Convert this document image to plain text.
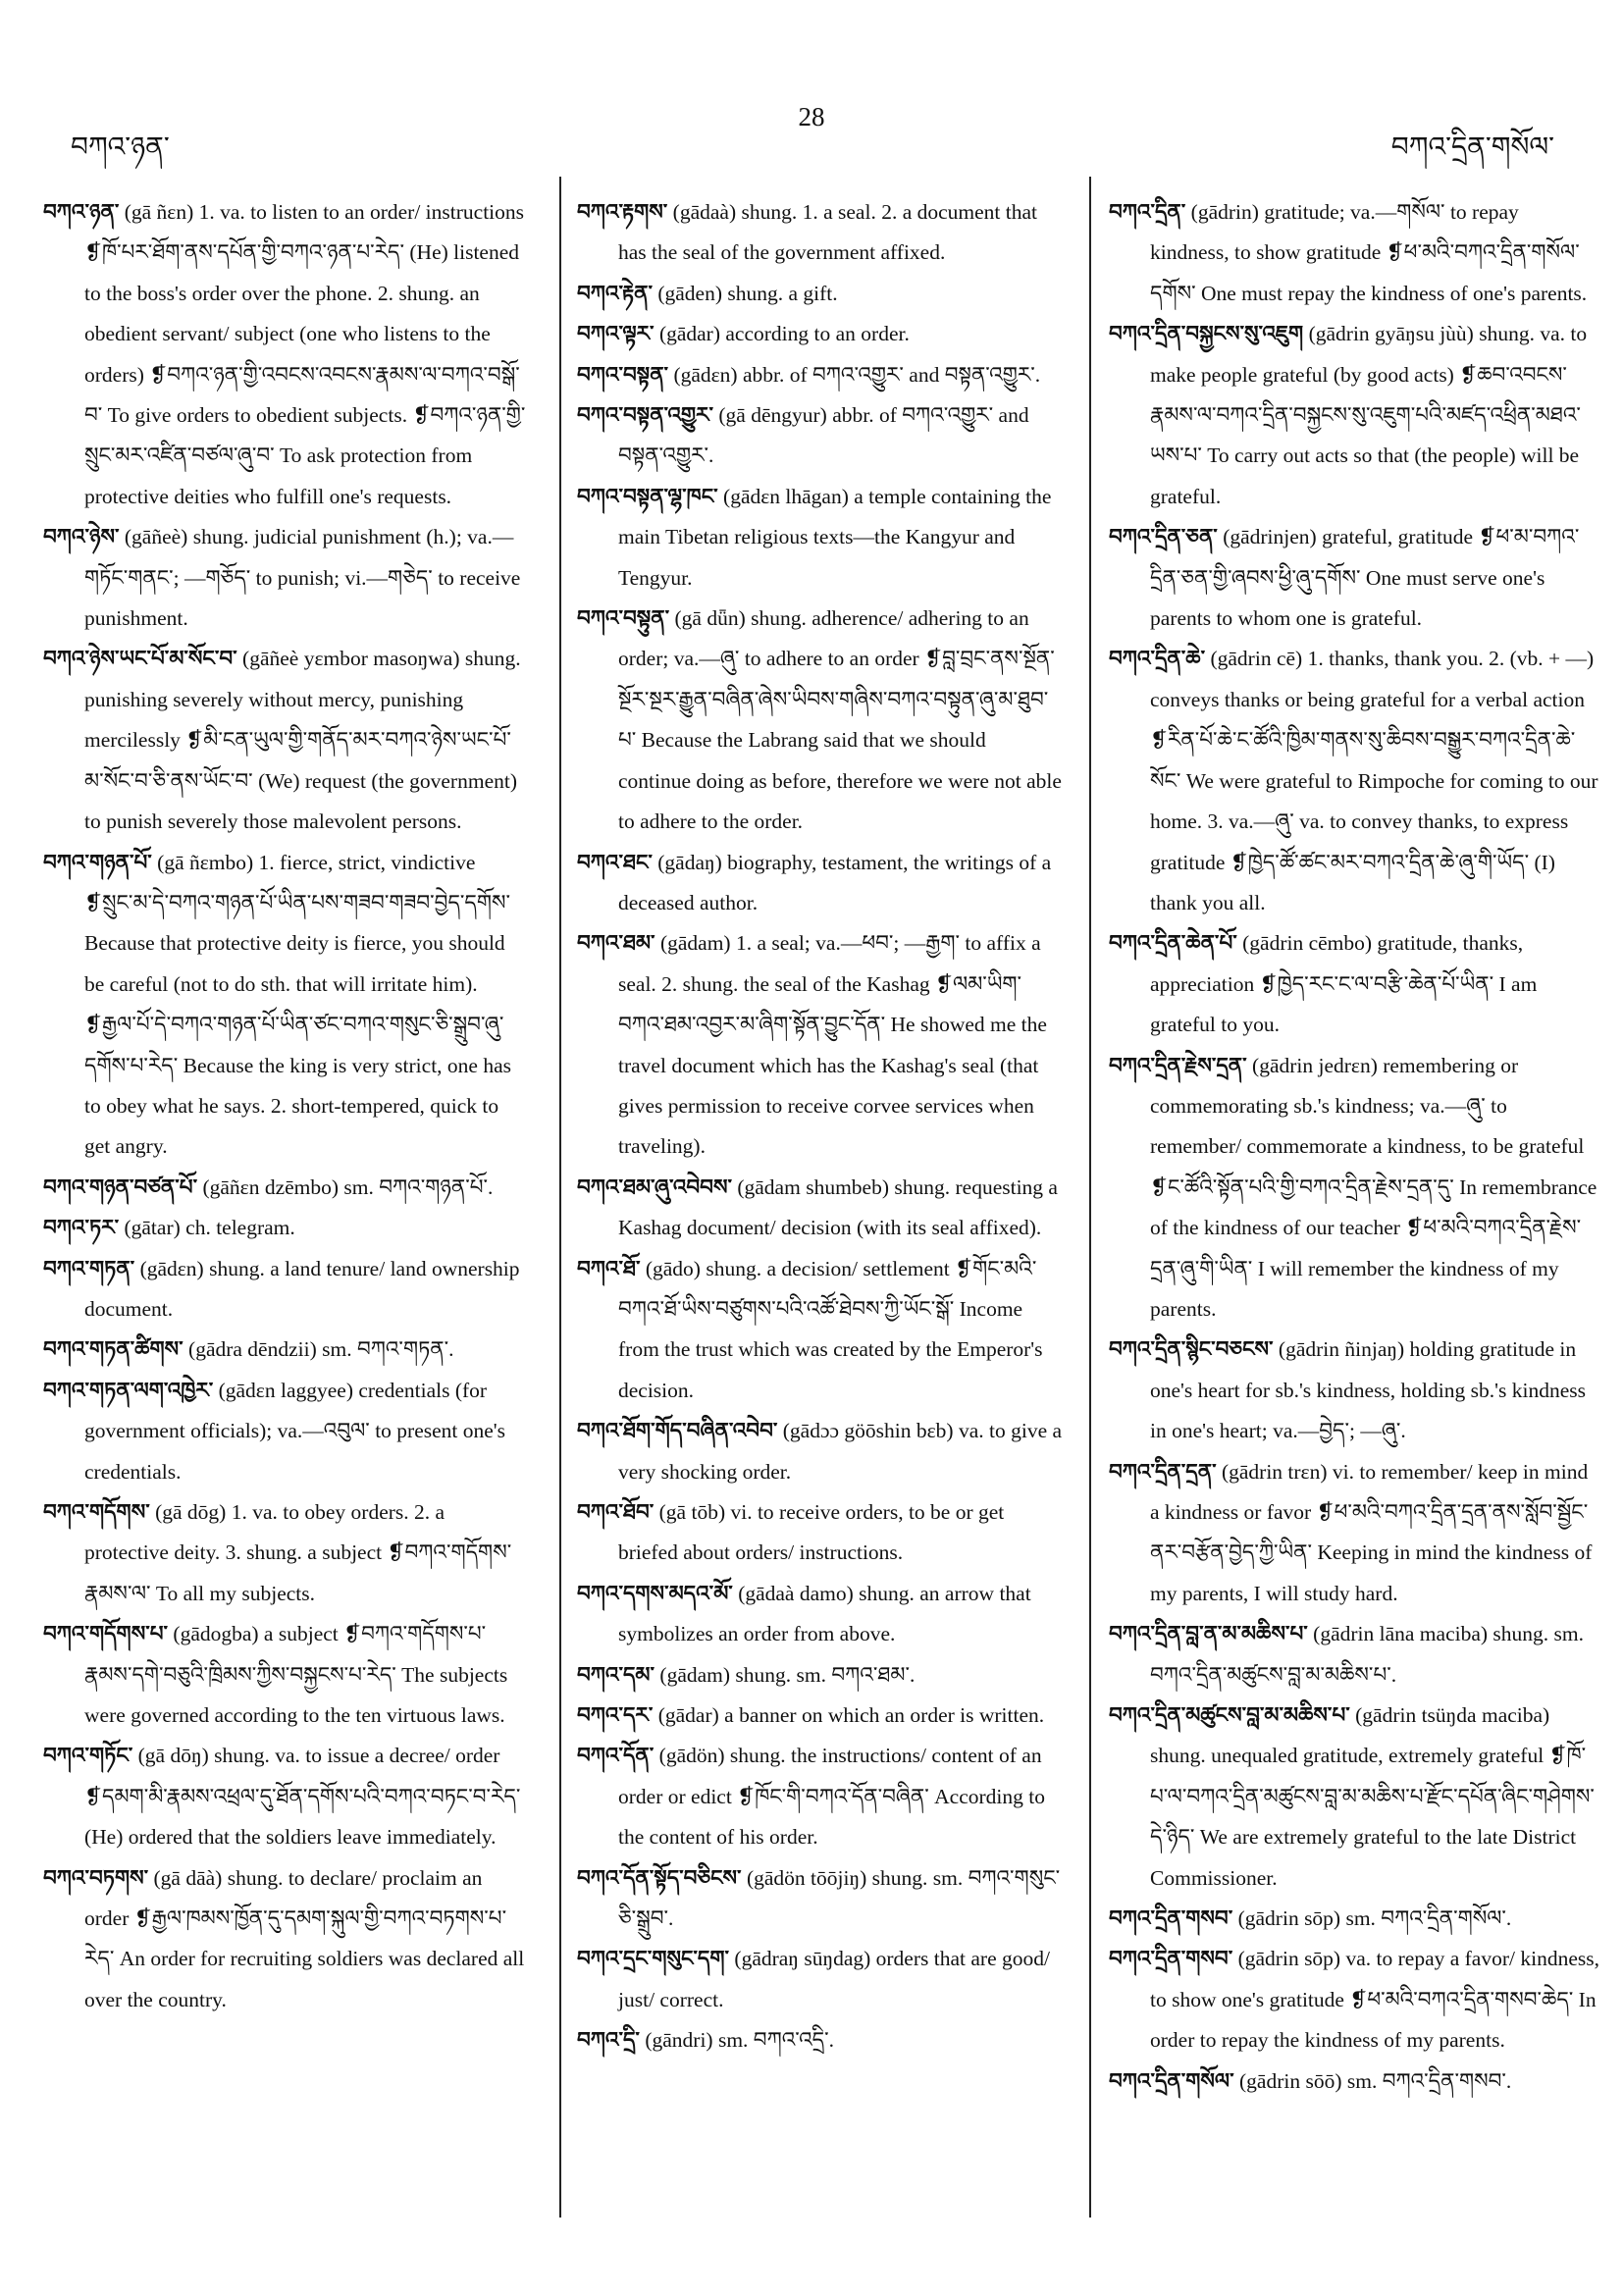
བཀའ་ཉན་
28
བཀའ་དྲིན་གསོལ་

བཀའ་ཉན་ (gā ñɛn) 1. va. to listen to an order/ instructions ❡ཁོ་པར་ཐོག་ནས་དཔོན་གྱི་བཀའ་ཉན་པ་རེད་ (He) listened to the boss's order over the phone. 2. shung. an obedient servant/ subject (one who listens to the orders) ❡བཀའ་ཉན་གྱི་འབངས་འབངས་རྣམས་ལ་བཀའ་བསྒོ་བ་ To give orders to obedient subjects. ❡བཀའ་ཉན་གྱི་སྲུང་མར་འཛིན་བཙལ་ཞུ་བ་ To ask protection from protective deities who fulfill one's requests.

བཀའ་ཉེས་ (gāñeè) shung. judicial punishment (h.); va.—གཏོང་གནང་; —གཅོད་ to punish; vi.—གཅེད་ to receive punishment.

བཀའ་ཉེས་ཡང་པོ་མ་སོང་བ་ (gāñeè yɛmbor masoŋwa) shung. punishing severely without mercy, punishing mercilessly ❡མི་ངན་ཡུལ་གྱི་གནོད་མར་བཀའ་ཉེས་ཡང་པོ་མ་སོང་བ་ཅི་ནས་ཡོང་བ་ (We) request (the government) to punish severely those malevolent persons.

བཀའ་གཉན་པོ་ (gā ñɛmbo) 1. fierce, strict, vindictive ❡སྲུང་མ་དེ་བཀའ་གཉན་པོ་ཡིན་པས་གཟབ་གཟབ་བྱེད་དགོས་ Because that protective deity is fierce, you should be careful (not to do sth. that will irritate him). ❡རྒྱལ་པོ་དེ་བཀའ་གཉན་པོ་ཡིན་ཙང་བཀའ་གསུང་ཅི་སྒྲུབ་ཞུ་དགོས་པ་རེད་ Because the king is very strict, one has to obey what he says. 2. short-tempered, quick to get angry.

བཀའ་གཉན་བཙན་པོ་ (gāñɛn dzēmbo) sm. བཀའ་གཉན་པོ་.

བཀའ་ཏར་ (gātar) ch. telegram.

བཀའ་གཏན་ (gādɛn) shung. a land tenure/ land ownership document.

བཀའ་གཏན་ཚིགས་ (gādra dēndzii) sm. བཀའ་གཏན་.

བཀའ་གཏན་ལག་འཁྱེར་ (gādɛn laggyee) credentials (for government officials); va.—འབུལ་ to present one's credentials.

བཀའ་གདོགས་ (gā dōg) 1. va. to obey orders. 2. a protective deity. 3. shung. a subject ❡བཀའ་གདོགས་རྣམས་ལ་ To all my subjects.

བཀའ་གདོགས་པ་ (gādogba) a subject ❡བཀའ་གདོགས་པ་རྣམས་དགེ་བཅུའི་ཁྲིམས་ཀྱིས་བསྐྱངས་པ་རེད་ The subjects were governed according to the ten virtuous laws.

བཀའ་གཏོང་ (gā dōŋ) shung. va. to issue a decree/ order ❡དམག་མི་རྣམས་འཕྲལ་དུ་ཐོན་དགོས་པའི་བཀའ་བཏང་བ་རེད་ (He) ordered that the soldiers leave immediately.

བཀའ་བཏགས་ (gā dāà) shung. to declare/ proclaim an order ❡རྒྱལ་ཁམས་ཁྱོན་དུ་དམག་སྐུལ་གྱི་བཀའ་བཏགས་པ་རེད་ An order for recruiting soldiers was declared all over the country.

བཀའ་རྟགས་ (gādaà) shung. 1. a seal. 2. a document that has the seal of the government affixed.

བཀའ་རྟེན་ (gāden) shung. a gift.

བཀའ་ལྟར་ (gādar) according to an order.

བཀའ་བསྟན་ (gādɛn) abbr. of བཀའ་འགྱུར་ and བསྟན་འགྱུར་.

བཀའ་བསྟན་འགྱུར་ (gā dēngyur) abbr. of བཀའ་འགྱུར་ and བསྟན་འགྱུར་.

བཀའ་བསྟན་ལྷ་ཁང་ (gādɛn lhāgan) a temple containing the main Tibetan religious texts—the Kangyur and Tengyur.

བཀའ་བསྟུན་ (gā dǖn) shung. adherence/ adhering to an order; va.—ཞུ་ to adhere to an order ❡བླ་བྲང་ནས་སྔོན་སྔོར་སྔར་རྒྱུན་བཞིན་ཞེས་ཡིབས་གཞིས་བཀའ་བསྟུན་ཞུ་མ་ཐུབ་པ་ Because the Labrang said that we should continue doing as before, therefore we were not able to adhere to the order.

བཀའ་ཐང་ (gādaŋ) biography, testament, the writings of a deceased author.

བཀའ་ཐམ་ (gādam) 1. a seal; va.—ཕབ་; —རྒྱག་ to affix a seal. 2. shung. the seal of the Kashag ❡ལམ་ཡིག་བཀའ་ཐམ་འབྱར་མ་ཞིག་སྟོན་བྱུང་དོན་ He showed me the travel document which has the Kashag's seal (that gives permission to receive corvee services when traveling).

བཀའ་ཐམ་ཞུ་འབེབས་ (gādam shumbeb) shung. requesting a Kashag document/ decision (with its seal affixed).

བཀའ་ཐོ་ (gādo) shung. a decision/ settlement ❡གོང་མའི་བཀའ་ཐོ་ཡིས་བཙུགས་པའི་འཚོ་ཐེབས་ཀྱི་ཡོང་སྒོ་ Income from the trust which was created by the Emperor's decision.

བཀའ་ཐོག་གོད་བཞིན་འབེབ་ (gādɔɔ göōshin bɛb) va. to give a very shocking order.

བཀའ་ཐོབ་ (gā tōb) vi. to receive orders, to be or get briefed about orders/ instructions.

བཀའ་དགས་མདའ་མོ་ (gādaà damo) shung. an arrow that symbolizes an order from above.

བཀའ་དམ་ (gādam) shung. sm. བཀའ་ཐམ་.

བཀའ་དར་ (gādar) a banner on which an order is written.

བཀའ་དོན་ (gādön) shung. the instructions/ content of an order or edict ❡ཁོང་གི་བཀའ་དོན་བཞིན་ According to the content of his order.

བཀའ་དོན་སྟོད་བཅིངས་ (gādön tōōjiŋ) shung. sm. བཀའ་གསུང་ཅི་སྒྲུབ་.

བཀའ་དྲང་གསུང་དག་ (gādraŋ sūŋdag) orders that are good/ just/ correct.

བཀའ་དྲི་ (gāndri) sm. བཀའ་འདྲི་.

བཀའ་དྲིན་ (gādrin) gratitude; va.—གསོལ་ to repay kindness, to show gratitude ❡ཕ་མའི་བཀའ་དྲིན་གསོལ་དགོས་ One must repay the kindness of one's parents.

བཀའ་དྲིན་བསྐྱངས་སུ་འཇུག (gādrin gyāŋsu jùù) shung. va. to make people grateful (by good acts) ❡ཆབ་འབངས་རྣམས་ལ་བཀའ་དྲིན་བསྐྱངས་སུ་འཇུག་པའི་མཛད་འཕྲིན་མཐའ་ཡས་པ་ To carry out acts so that (the people) will be grateful.

བཀའ་དྲིན་ཅན་ (gādrinjen) grateful, gratitude ❡ཕ་མ་བཀའ་དྲིན་ཅན་གྱི་ཞབས་ཕྱི་ཞུ་དགོས་ One must serve one's parents to whom one is grateful.

བཀའ་དྲིན་ཆེ་ (gādrin cē) 1. thanks, thank you. 2. (vb. + —) conveys thanks or being grateful for a verbal action ❡རིན་པོ་ཆེ་ང་ཚོའི་ཁྱིམ་གནས་སུ་ཆིབས་བསྒྱུར་བཀའ་དྲིན་ཆེ་སོང་ We were grateful to Rimpoche for coming to our home. 3. va.—ཞུ་ va. to convey thanks, to express gratitude ❡ཁྱེད་ཚོ་ཚང་མར་བཀའ་དྲིན་ཆེ་ཞུ་གི་ཡོད་ (I) thank you all.

བཀའ་དྲིན་ཆེན་པོ་ (gādrin cēmbo) gratitude, thanks, appreciation ❡ཁྱེད་རང་ང་ལ་བརྩི་ཆེན་པོ་ཡིན་ I am grateful to you.

བཀའ་དྲིན་རྗེས་དྲན་ (gādrin jedrɛn) remembering or commemorating sb.'s kindness; va.—ཞུ་ to remember/ commemorate a kindness, to be grateful ❡ང་ཚོའི་སྟོན་པའི་གྱི་བཀའ་དྲིན་རྗེས་དྲན་དུ་ In remembrance of the kindness of our teacher ❡ཕ་མའི་བཀའ་དྲིན་རྗེས་དྲན་ཞུ་གི་ཡིན་ I will remember the kindness of my parents.

བཀའ་དྲིན་སྙིང་བཅངས་ (gādrin ñinjaŋ) holding gratitude in one's heart for sb.'s kindness, holding sb.'s kindness in one's heart; va.—བྱེད་; —ཞུ་.

བཀའ་དྲིན་དྲན་ (gādrin trɛn) vi. to remember/ keep in mind a kindness or favor ❡ཕ་མའི་བཀའ་དྲིན་དྲན་ནས་སློབ་སྦྱོང་ནར་བརྩོན་བྱེད་ཀྱི་ཡིན་ Keeping in mind the kindness of my parents, I will study hard.

བཀའ་དྲིན་བླ་ན་མ་མཆིས་པ་ (gādrin lāna maciba) shung. sm. བཀའ་དྲིན་མཚུངས་བླ་མ་མཆིས་པ་.

བཀའ་དྲིན་མཚུངས་བླ་མ་མཆིས་པ་ (gādrin tsüŋda maciba) shung. unequaled gratitude, extremely grateful ❡ཁོ་པ་ལ་བཀའ་དྲིན་མཚུངས་བླ་མ་མཆིས་པ་རྫོང་དཔོན་ཞིང་གཤེགས་དེ་ཉིད་ We are extremely grateful to the late District Commissioner.

བཀའ་དྲིན་གསབ་ (gādrin sōp) sm. བཀའ་དྲིན་གསོལ་.

བཀའ་དྲིན་གསབ་ (gādrin sōp) va. to repay a favor/ kindness, to show one's gratitude ❡ཕ་མའི་བཀའ་དྲིན་གསབ་ཆེད་ In order to repay the kindness of my parents.

བཀའ་དྲིན་གསོལ་ (gādrin sōō) sm. བཀའ་དྲིན་གསབ་.
